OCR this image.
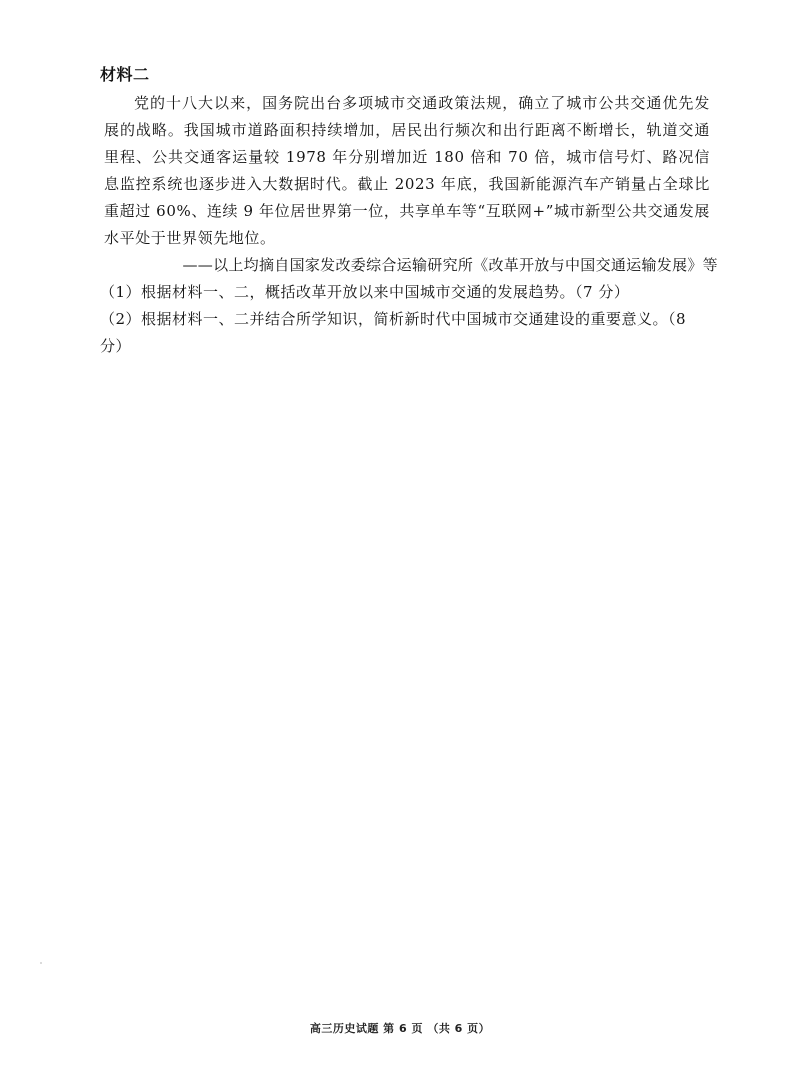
材料二

党的十八大以来，国务院出台多项城市交通政策法规，确立了城市公共交通优先发展的战略。我国城市道路面积持续增加，居民出行频次和出行距离不断增长，轨道交通里程、公共交通客运量较 1978 年分别增加近 180 倍和 70 倍，城市信号灯、路况信息监控系统也逐步进入大数据时代。截止 2023 年底，我国新能源汽车产销量占全球比重超过 60%、连续 9 年位居世界第一位，共享单车等“互联网+”城市新型公共交通发展水平处于世界领先地位。

——以上均摘自国家发改委综合运输研究所《改革开放与中国交通运输发展》等
（1）根据材料一、二，概括改革开放以来中国城市交通的发展趋势。（7 分）
（2）根据材料一、二并结合所学知识，简析新时代中国城市交通建设的重要意义。（8 分）
高三历史试题 第 6 页 （共 6 页）
